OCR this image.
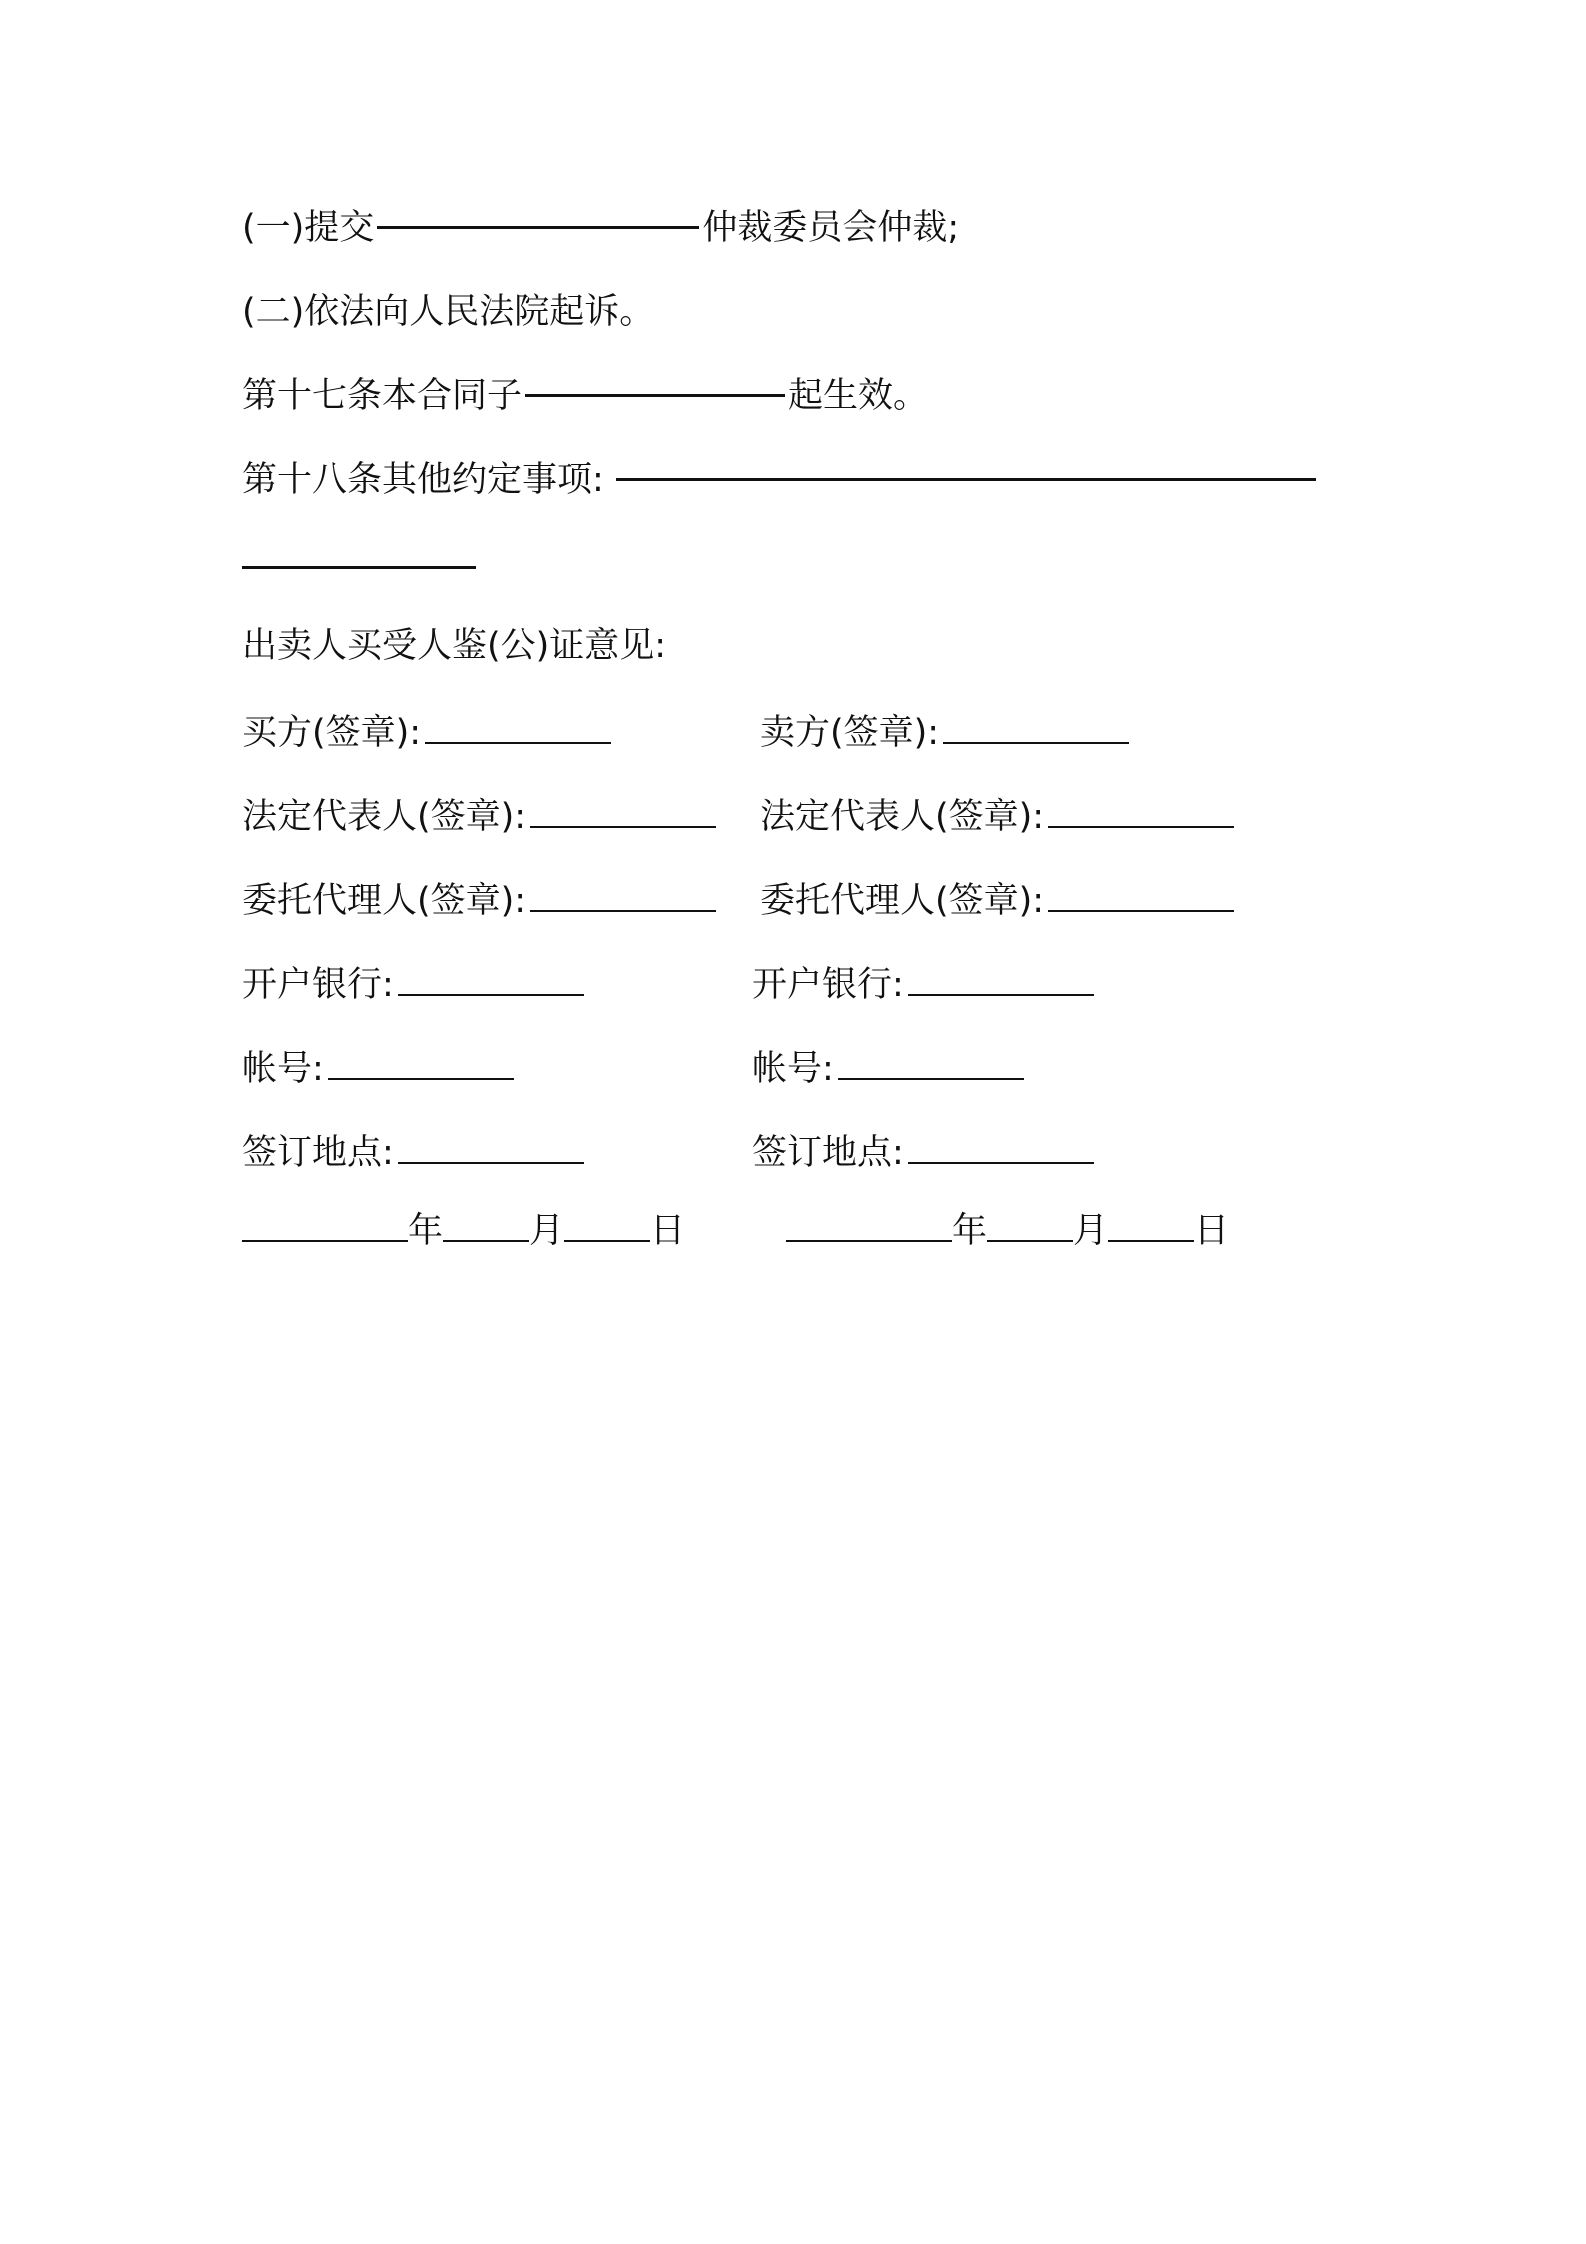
(一)提交	仲裁委员会仲裁;
(二)依法向人民法院起诉。
第十七条本合同子	起生效。
第十八条其他约定事项:
出卖人买受人鉴(公)证意见:
买方(签章):	卖方(签章):
法定代表人(签章):	法定代表人(签章):
委托代理人(签章):	委托代理人(签章):
开户银行:	开户银行:
帐号:	帐号:
签订地点:	签订地点:
年 月 日	年 月 日
